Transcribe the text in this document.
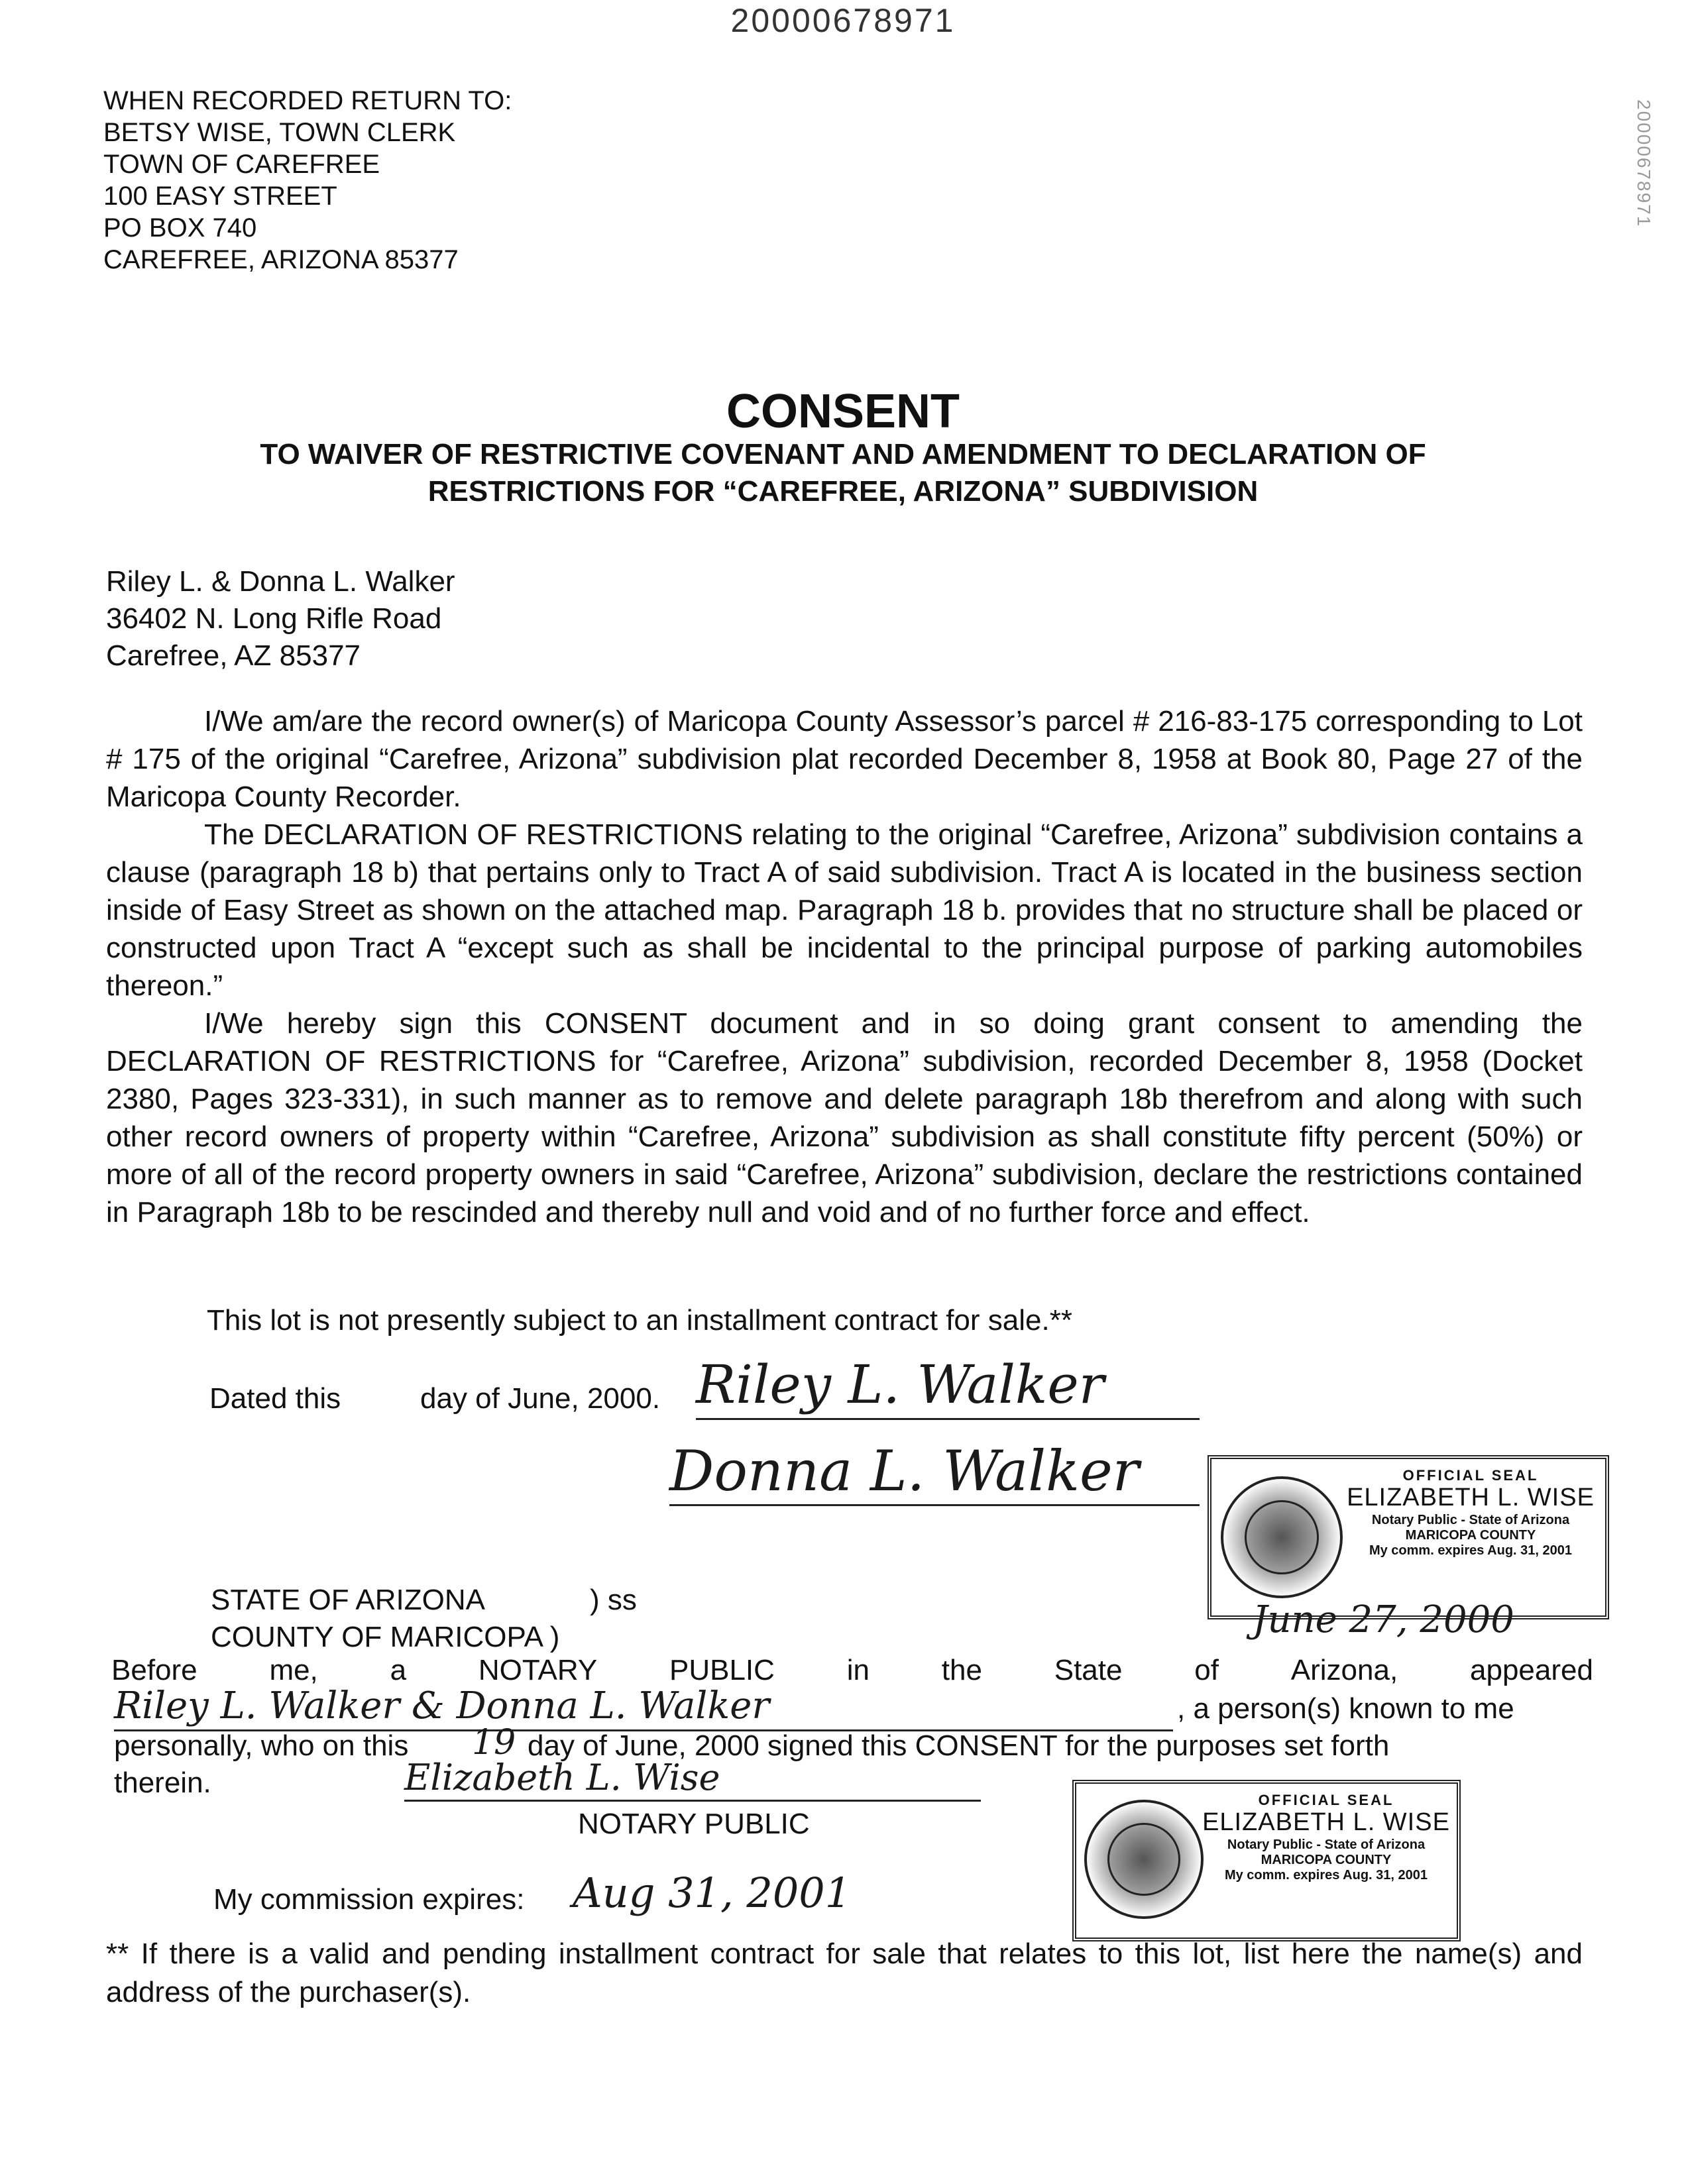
20000678971
20000678971
WHEN RECORDED RETURN TO:
BETSY WISE, TOWN CLERK
TOWN OF CAREFREE
100 EASY STREET
PO BOX 740
CAREFREE, ARIZONA 85377
CONSENT
TO WAIVER OF RESTRICTIVE COVENANT AND AMENDMENT TO DECLARATION OF
RESTRICTIONS FOR “CAREFREE, ARIZONA” SUBDIVISION
Riley L. & Donna L. Walker
36402 N. Long Rifle Road
Carefree, AZ 85377

I/We am/are the record owner(s) of Maricopa County Assessor’s parcel # 216-83-175 corresponding to Lot # 175 of the original “Carefree, Arizona” subdivision plat recorded December 8, 1958 at Book 80, Page 27 of the Maricopa County Recorder.

The DECLARATION OF RESTRICTIONS relating to the original “Carefree, Arizona” subdivision contains a clause (paragraph 18 b) that pertains only to Tract A of said subdivision. Tract A is located in the business section inside of Easy Street as shown on the attached map. Paragraph 18 b. provides that no structure shall be placed or constructed upon Tract A “except such as shall be incidental to the principal purpose of parking automobiles thereon.”

I/We hereby sign this CONSENT document and in so doing grant consent to amending the DECLARATION OF RESTRICTIONS for “Carefree, Arizona” subdivision, recorded December 8, 1958 (Docket 2380, Pages 323-331), in such manner as to remove and delete paragraph 18b therefrom and along with such other record owners of property within “Carefree, Arizona” subdivision as shall constitute fifty percent (50%) or more of all of the record property owners in said “Carefree, Arizona” subdivision, declare the restrictions contained in Paragraph 18b to be rescinded and thereby null and void and of no further force and effect.

This lot is not presently subject to an installment contract for sale.**
Dated this	day of June, 2000. Riley L. Walker
Donna L. Walker	OFFICIAL SEAL
ELIZABETH L. WISE
Notary Public - State of Arizona
MARICOPA COUNTY
My comm. expires Aug. 31, 2001
June 27, 2000
STATE OF ARIZONA	) ss
COUNTY OF MARICOPA )
Before me, a NOTARY PUBLIC in the State of Arizona, appeared
Riley L. Walker & Donna L. Walker	, a person(s) known to me
personally, who on this 19 day of June, 2000 signed this CONSENT for the purposes set forth
therein.	Elizabeth L. Wise
NOTARY PUBLIC
My commission expires: Aug 31, 2001
OFFICIAL SEAL
ELIZABETH L. WISE
Notary Public - State of Arizona
MARICOPA COUNTY
My comm. expires Aug. 31, 2001
** If there is a valid and pending installment contract for sale that relates to this lot, list here the name(s) and address of the purchaser(s).
